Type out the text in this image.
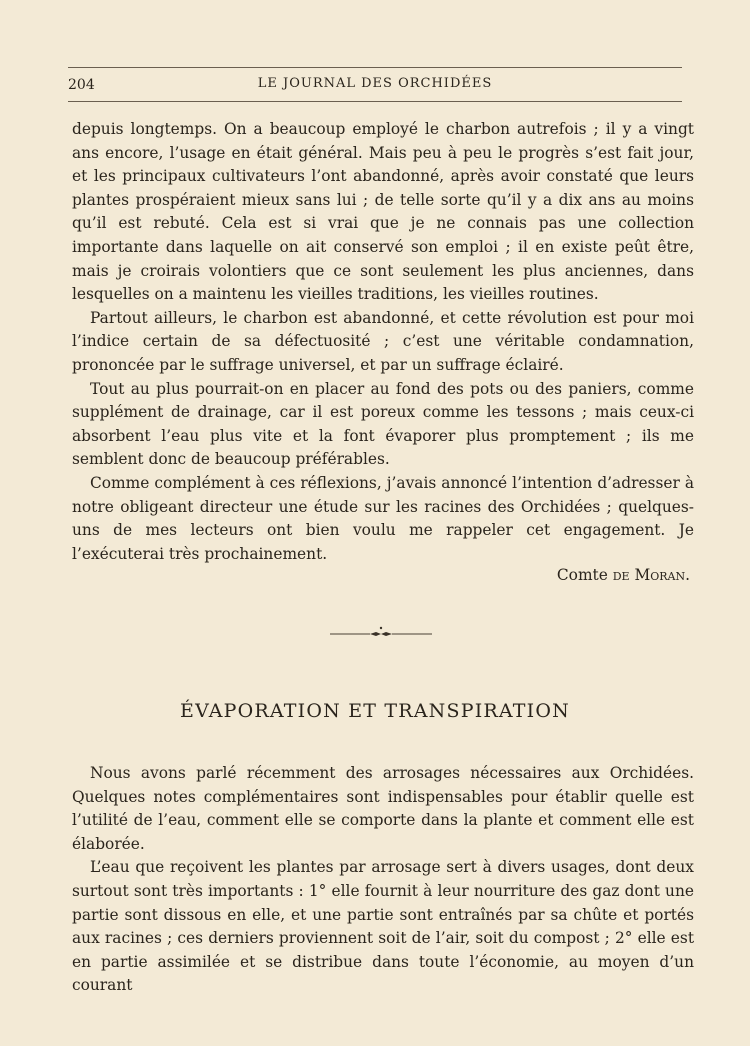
204	LE JOURNAL DES ORCHIDÉES

depuis longtemps. On a beaucoup employé le charbon autrefois ; il y a vingt ans encore, l’usage en était général. Mais peu à peu le progrès s’est fait jour, et les principaux cultivateurs l’ont abandonné, après avoir constaté que leurs plantes prospéraient mieux sans lui ; de telle sorte qu’il y a dix ans au moins qu’il est rebuté. Cela est si vrai que je ne connais pas une collection importante dans laquelle on ait conservé son emploi ; il en existe peût être, mais je croirais volontiers que ce sont seulement les plus anciennes, dans lesquelles on a maintenu les vieilles traditions, les vieilles routines.

Partout ailleurs, le charbon est abandonné, et cette révolution est pour moi l’indice certain de sa défectuosité ; c’est une véritable condamnation, prononcée par le suffrage universel, et par un suffrage éclairé.

Tout au plus pourrait-on en placer au fond des pots ou des paniers, comme supplément de drainage, car il est poreux comme les tessons ; mais ceux-ci absorbent l’eau plus vite et la font évaporer plus promptement ; ils me semblent donc de beaucoup préférables.

Comme complément à ces réflexions, j’avais annoncé l’intention d’adresser à notre obligeant directeur une étude sur les racines des Orchidées ; quelques-uns de mes lecteurs ont bien voulu me rappeler cet engagement. Je l’exécuterai très prochainement.

Comte de Moran.
ÉVAPORATION ET TRANSPIRATION

Nous avons parlé récemment des arrosages nécessaires aux Orchidées. Quelques notes complémentaires sont indispensables pour établir quelle est l’utilité de l’eau, comment elle se comporte dans la plante et comment elle est élaborée.

L’eau que reçoivent les plantes par arrosage sert à divers usages, dont deux surtout sont très importants : 1° elle fournit à leur nourriture des gaz dont une partie sont dissous en elle, et une partie sont entraînés par sa chûte et portés aux racines ; ces derniers proviennent soit de l’air, soit du compost ; 2° elle est en partie assimilée et se distribue dans toute l’économie, au moyen d’un courant
